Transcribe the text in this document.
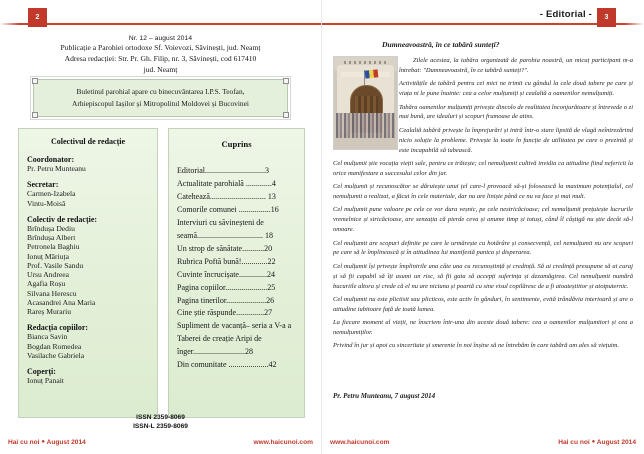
2
Nr. 12 – august 2014
Publicație a Parohiei ortodoxe Sf. Voievozi, Săvinești, jud. Neamț
Adresa redacției: Str. Pr. Gh. Filip, nr. 3, Săvinești, cod 617410
jud. Neamț
Buletinul parohial apare cu binecuvântarea I.P.S. Teofan,
Arhiepiscopul Iașilor și Mitropolitul Moldovei și Bucovinei
Colectivul de redacție
Coordonator:
Pr. Petru Munteanu
Secretar:
Carmen-Izabela
Vintu-Moisă
Colectiv de redacție:
Brîndușa Dediu
Brîndușa Albert
Petronela Baghiu
Ionuț Măriuța
Prof. Vasile Sandu
Ursu Andreea
Agafia Roșu
Silvana Herescu
Acasandrei Ana Maria
Rareș Murariu
Redacția copiilor:
Bianca Savin
Bogdan Romedea
Vasilache Gabriela
Coperți:
Ionuț Panait
Cuprins
Editorial..............................3
Actualitate parohială .............4
Catehează............................ 13
Comorile comunei ................16
Interviuri cu săvineșteni de seamă................................. 18
Un strop de sănătate...........20
Rubrica Poftă bună!.............22
Cuvinte încrucișate..............24
Pagina copiilor.....................25
Pagina tinerilor....................26
Cine știe răspunde..............27
Supliment de vacanță– seria a V-a a Taberei de creație Aripi de înger..........................28
Din comunitate ....................42
ISSN 2359-8069
ISSN-L 2359-8069
Hai cu noi ● August 2014	www.haicunoi.com
3
- Editorial -
Dumneavoastră, în ce tabără sunteți?

Zilele acestea, la tabăra organizată de parohia noastră, un micuț participant m-a întrebat: "Dumneavoastră, în ce tabără sunteți?".

Activitățile de tabără pentru cei mici ne trimit cu gândul la cele două tabere pe care și viața ni le pune înainte: cea a celor mulțumiți și cealaltă a oamenilor nemulțumiți.

Tabăra oamenilor mulțumiți privește dincolo de realitatea înconjurătoare și întrevede o zi mai bună, are idealuri și scopuri frumoase de atins.

Cealaltă tabără privește la împrejurări și intră într-o stare lipsită de vlagă neîntrezărind nicio soluție la probleme. Privește la toate în funcție de utilitatea pe care o prezintă și este incapabilă să iubească.

Cel mulțumit știe vocația vieții sale, pentru ce trăiește; cel nemulțumit cultivă invidia ca atitudine fiind nefericit la orice manifestare a succesului celor din jur.

Cel mulțumit și recunoscător se dăruiește unui țel care-l provoacă să-și folosească la maximum potențialul, cel nemulțumit a realizat, a făcut în cele materiale, dar nu are liniște până ce nu va face și mai mult.

Cel mulțumit pune valoare pe cele ce vor dura veșnic, pe cele nestricăcioase; cel nemulțumit prețuiește lucrurile vremelnice și stricăcioase, are senzația că pierde ceva și anume timp și totuși, când îl câștigă nu știe decât să-l omoare.

Cel mulțumit are scopuri definite pe care le urmărește cu hotărâre și consecvență, cel nemulțumit nu are scopuri pe care să le împlinească și în atitudinea lui manifestă panica și disperarea.

Cel mulțumit își privește împlinirile una câte una cu recunoștință și credință. Să ai credință presupune să ai curaj și să fii capabil să îți asumi un risc, să fii gata să accepți suferința și dezamăgirea. Cel nemulțumit numără bucuriile altora și crede că el nu are niciuna și poartă cu sine visul copilăresc de a fi atoateștiitor și atotputernic.

Cel mulțumit nu este plictisit sau plicticos, este activ în gânduri, în sentimente, evită trândăvia interioară și are o atitudine iubitoare față de toată lumea.

La fiecare moment al vieții, ne înscriem într-una din aceste două tabere: cea a oamenilor mulțumitori și cea a nemulțumiților.

Privind în jur și apoi cu sinceritate și smerenie în noi înșine să ne întrebăm în care tabără am ales să viețuim.

Pr. Petru Munteanu, 7 august 2014
www.haicunoi.com	Hai cu noi ● August 2014
